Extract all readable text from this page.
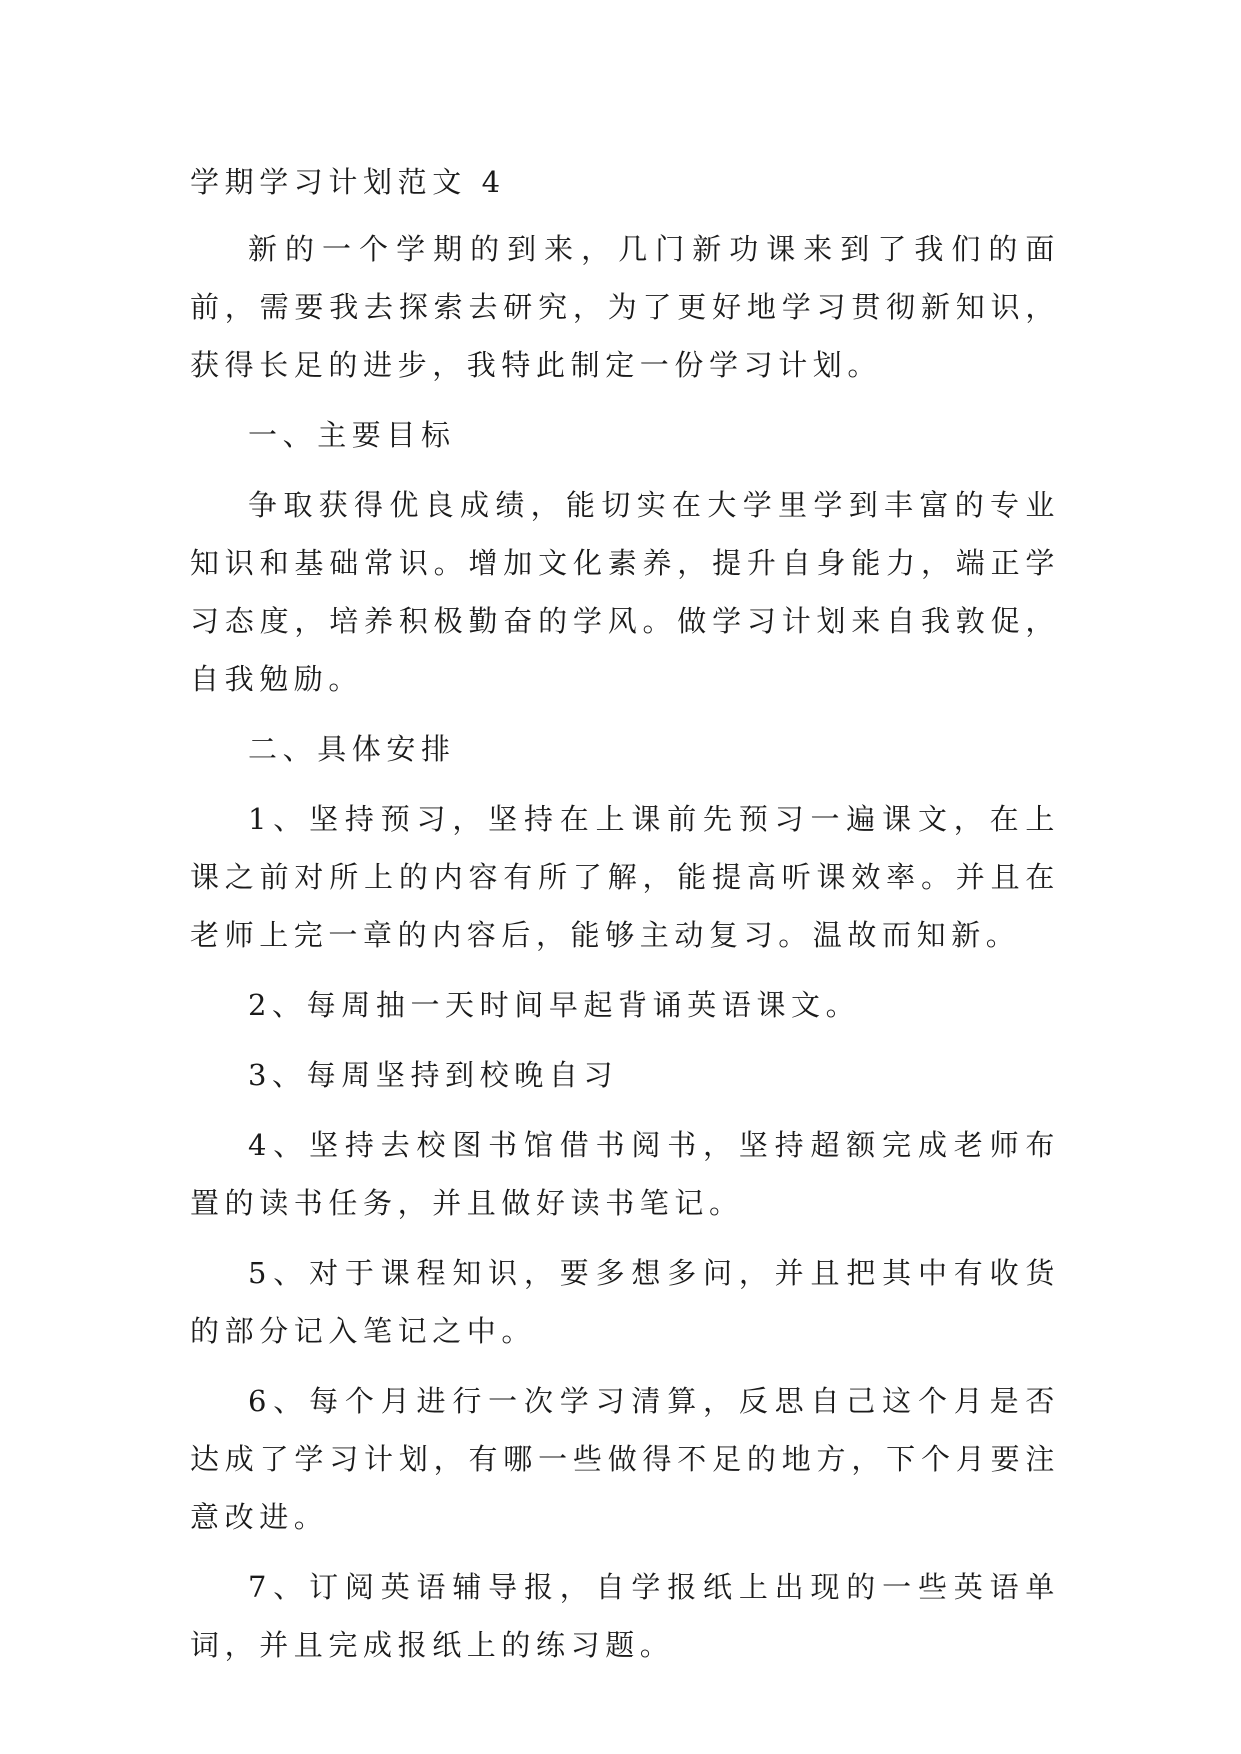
学期学习计划范文 4

新的一个学期的到来，几门新功课来到了我们的面前，需要我去探索去研究，为了更好地学习贯彻新知识，获得长足的进步，我特此制定一份学习计划。

一、主要目标

争取获得优良成绩，能切实在大学里学到丰富的专业知识和基础常识。增加文化素养，提升自身能力，端正学习态度，培养积极勤奋的学风。做学习计划来自我敦促，自我勉励。

二、具体安排

1、坚持预习，坚持在上课前先预习一遍课文，在上课之前对所上的内容有所了解，能提高听课效率。并且在老师上完一章的内容后，能够主动复习。温故而知新。

2、每周抽一天时间早起背诵英语课文。

3、每周坚持到校晚自习

4、坚持去校图书馆借书阅书，坚持超额完成老师布置的读书任务，并且做好读书笔记。

5、对于课程知识，要多想多问，并且把其中有收货的部分记入笔记之中。

6、每个月进行一次学习清算，反思自己这个月是否达成了学习计划，有哪一些做得不足的地方，下个月要注意改进。

7、订阅英语辅导报，自学报纸上出现的一些英语单词，并且完成报纸上的练习题。
